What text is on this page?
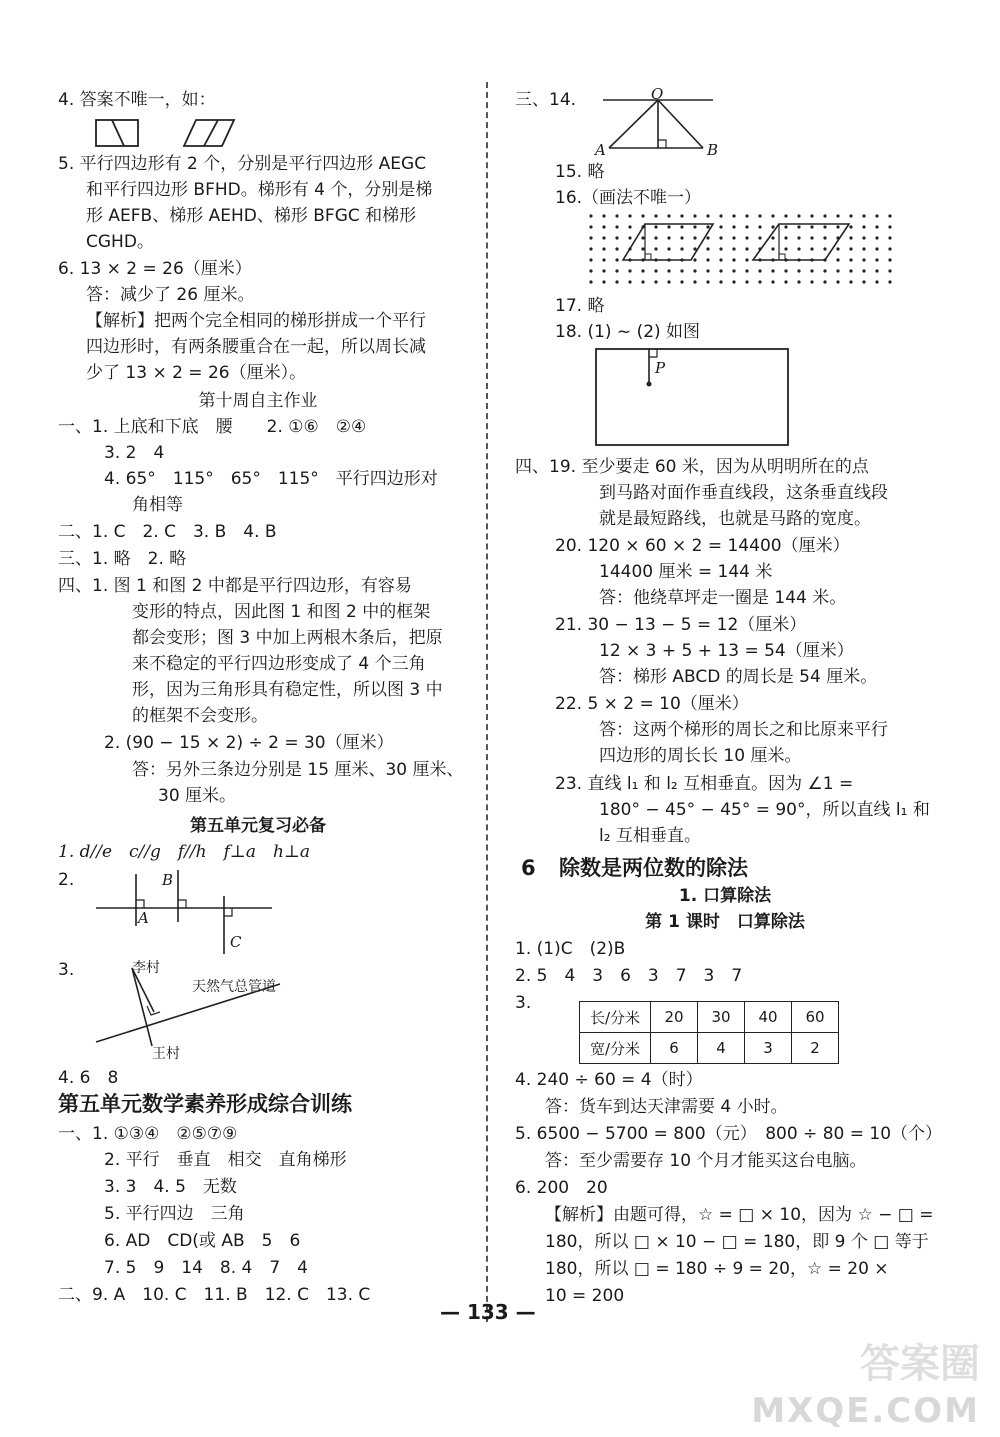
4. 答案不唯一，如：
5. 平行四边形有 2 个，分别是平行四边形 AEGC
和平行四边形 BFHD。梯形有 4 个，分别是梯
形 AEFB、梯形 AEHD、梯形 BFGC 和梯形
CGHD。
6. 13 × 2 = 26（厘米）
答：减少了 26 厘米。
【解析】把两个完全相同的梯形拼成一个平行
四边形时，有两条腰重合在一起，所以周长减
少了 13 × 2 = 26（厘米）。
第十周自主作业
一、1. 上底和下底　腰　　2. ①⑥　②④
3. 2　4
4. 65°　115°　65°　115°　平行四边形对
角相等
二、1. C　2. C　3. B　4. B
三、1. 略　2. 略
四、1. 图 1 和图 2 中都是平行四边形，有容易
变形的特点，因此图 1 和图 2 中的框架
都会变形；图 3 中加上两根木条后，把原
来不稳定的平行四边形变成了 4 个三角
形，因为三角形具有稳定性，所以图 3 中
的框架不会变形。
2. (90 − 15 × 2) ÷ 2 = 30（厘米）
答：另外三条边分别是 15 厘米、30 厘米、
30 厘米。
第五单元复习必备
1. d//e　c//g　f//h　f⊥a　h⊥a
2.	B
A
C
3.	李村
天然气总管道
王村
4. 6　8
第五单元数学素养形成综合训练
一、1. ①③④　②⑤⑦⑨
2. 平行　垂直　相交　直角梯形
3. 3　4. 5　无数
5. 平行四边　三角
6. AD　CD(或 AB　5　6
7. 5　9　14　8. 4　7　4
二、9. A　10. C　11. B　12. C　13. C
三、14.	O
A	B
15. 略
16.（画法不唯一）
17. 略
18. (1) ~ (2) 如图
P
四、19. 至少要走 60 米，因为从明明所在的点
到马路对面作垂直线段，这条垂直线段
就是最短路线，也就是马路的宽度。
20. 120 × 60 × 2 = 14400（厘米）
14400 厘米 = 144 米
答：他绕草坪走一圈是 144 米。
21. 30 − 13 − 5 = 12（厘米）
12 × 3 + 5 + 13 = 54（厘米）
答：梯形 ABCD 的周长是 54 厘米。
22. 5 × 2 = 10（厘米）
答：这两个梯形的周长之和比原来平行
四边形的周长长 10 厘米。
23. 直线 l₁ 和 l₂ 互相垂直。因为 ∠1 =
180° − 45° − 45° = 90°，所以直线 l₁ 和
l₂ 互相垂直。
6 除数是两位数的除法
1. 口算除法
第 1 课时　口算除法
1. (1)C　(2)B
2. 5　4　3　6　3　7　3　7
3.
长/分米	20	30	40	60
宽/分米	6	4	3	2
4. 240 ÷ 60 = 4（时）
答：货车到达天津需要 4 小时。
5. 6500 − 5700 = 800（元）　800 ÷ 80 = 10（个）
答：至少需要存 10 个月才能买这台电脑。
6. 200　20
【解析】由题可得，☆ = □ × 10，因为 ☆ − □ =
180，所以 □ × 10 − □ = 180，即 9 个 □ 等于
180，所以 □ = 180 ÷ 9 = 20，☆ = 20 ×
10 = 200
— 133 —
答案圈
MXQE.COM
